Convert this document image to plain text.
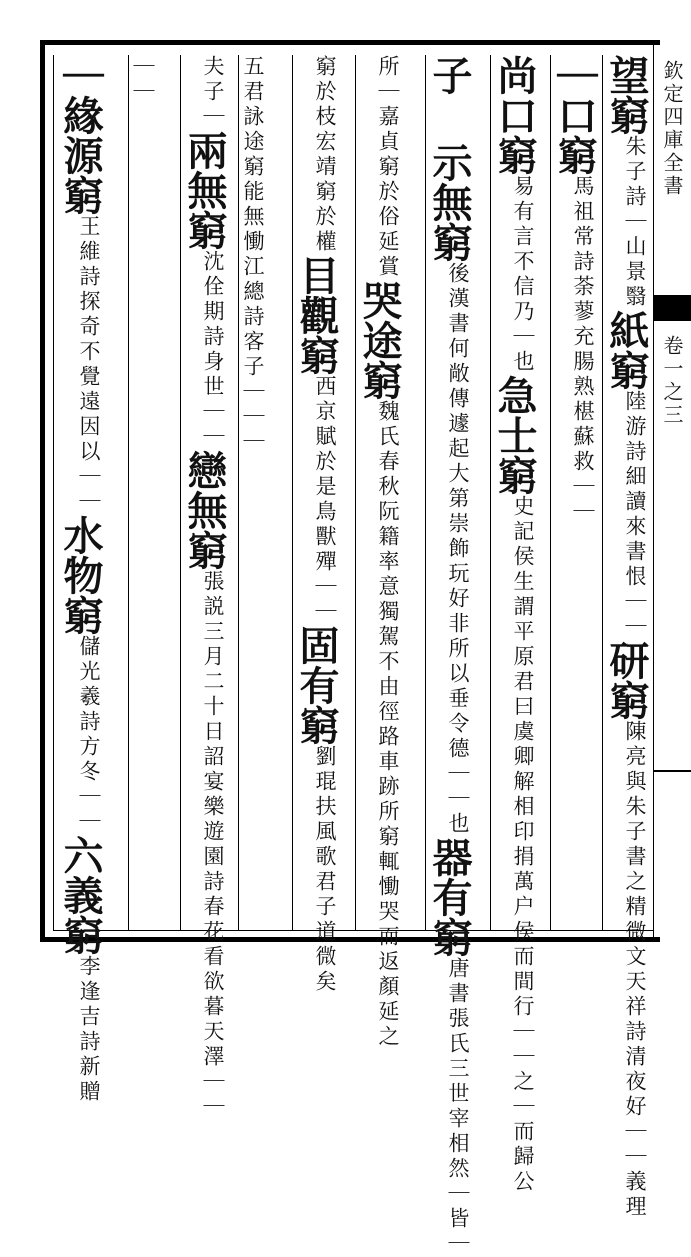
欽定四庫全書
卷一之三
望窮朱子詩｜山景翳紙窮陸游詩細讀來書恨｜｜研窮陳亮與朱子書之精微文天祥詩清夜好｜｜義理
｜口窮馬祖常詩荼蓼充腸熟椹蘇救｜｜
尚口窮易有言不信乃｜也急士窮史記侯生謂平原君曰虞卿解相印捐萬户侯而間行｜｜之｜而歸公
子 示無窮後漢書何敞傳遽起大第崇飾玩好非所以垂令德｜｜也器有窮唐書張氏三世宰相然｜皆｜
所｜嘉貞窮於俗延賞哭途窮魏氏春秋阮籍率意獨駕不由徑路車跡所窮輒慟哭而返顏延之
窮於枝宏靖窮於權目觀窮西京賦於是鳥獸殫｜｜固有窮劉琨扶風歌君子道微矣
五君詠途窮能無慟江總詩客子｜｜｜
夫子｜兩無窮沈佺期詩身世｜｜戀無窮張説三月二十日詔宴樂遊園詩春花看欲暮天澤｜｜
｜｜
｜緣源窮王維詩探奇不覺遠因以｜｜水物窮儲光羲詩方冬｜｜六義窮李逢吉詩新贈
